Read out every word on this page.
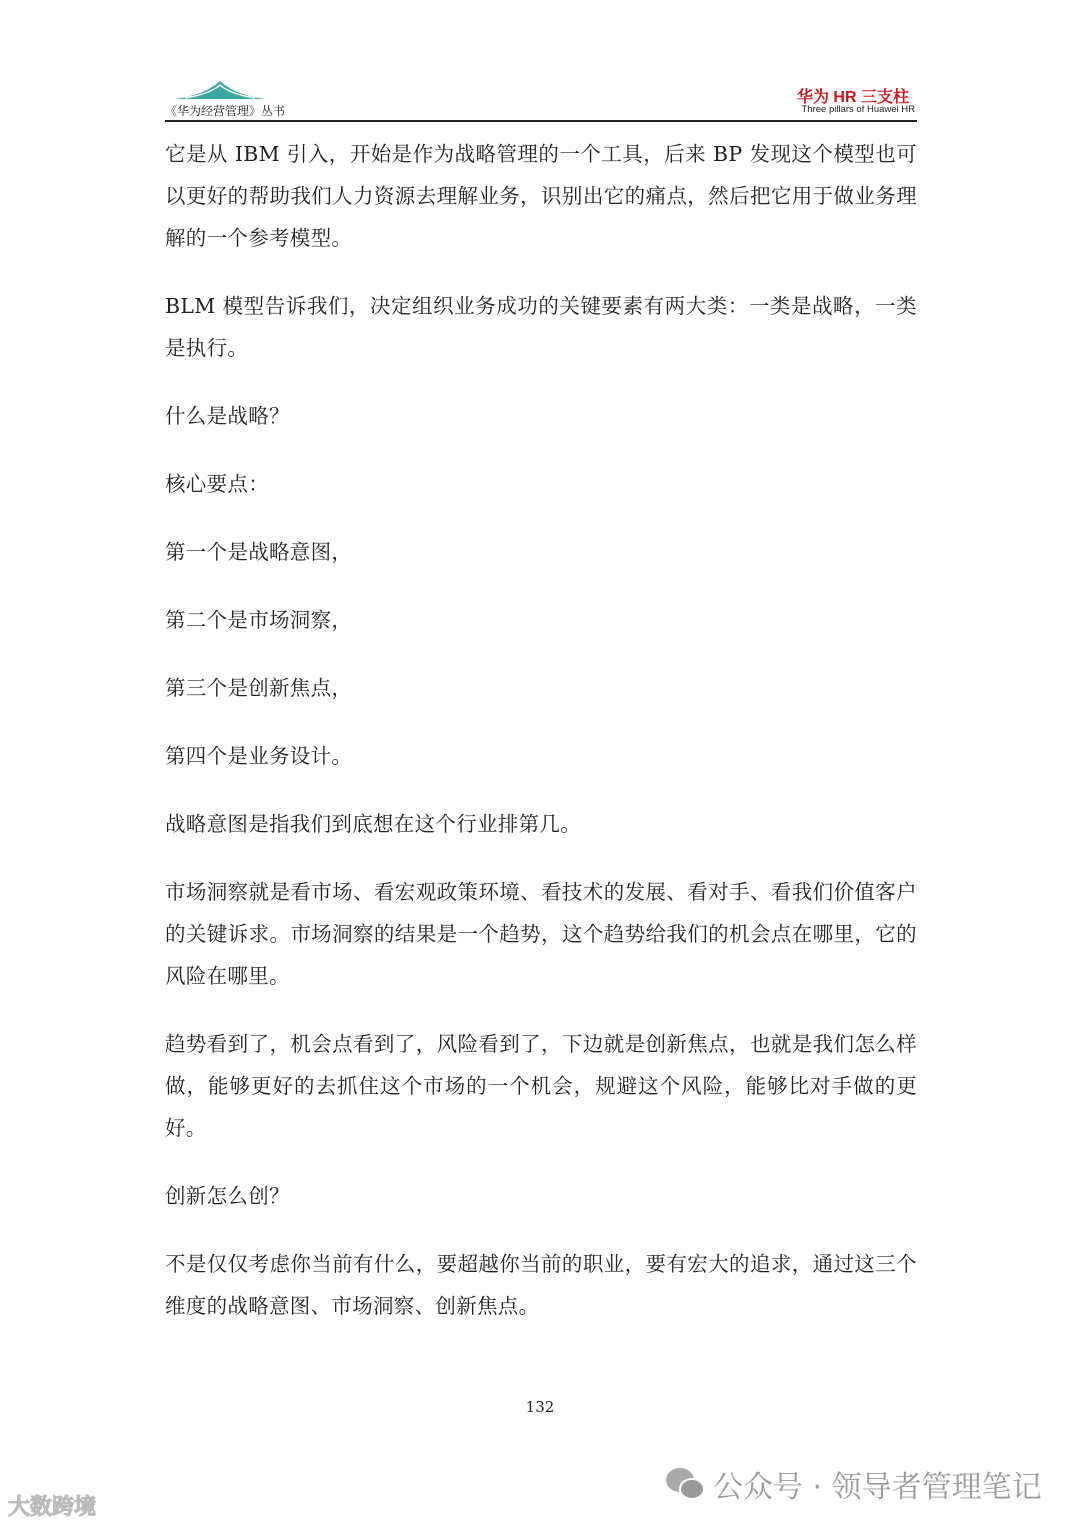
《华为经营管理》丛书
华为 HR 三支柱
Three pillars of Huawei HR

它是从 IBM 引入，开始是作为战略管理的一个工具，后来 BP 发现这个模型也可以更好的帮助我们人力资源去理解业务，识别出它的痛点，然后把它用于做业务理解的一个参考模型。

BLM 模型告诉我们，决定组织业务成功的关键要素有两大类：一类是战略，一类是执行。

什么是战略？

核心要点：

第一个是战略意图，

第二个是市场洞察，

第三个是创新焦点，

第四个是业务设计。

战略意图是指我们到底想在这个行业排第几。

市场洞察就是看市场、看宏观政策环境、看技术的发展、看对手、看我们价值客户的关键诉求。市场洞察的结果是一个趋势，这个趋势给我们的机会点在哪里，它的风险在哪里。

趋势看到了，机会点看到了，风险看到了，下边就是创新焦点，也就是我们怎么样做，能够更好的去抓住这个市场的一个机会，规避这个风险，能够比对手做的更好。

创新怎么创？

不是仅仅考虑你当前有什么，要超越你当前的职业，要有宏大的追求，通过这三个维度的战略意图、市场洞察、创新焦点。

132
大数跨境
公众号 · 领导者管理笔记
